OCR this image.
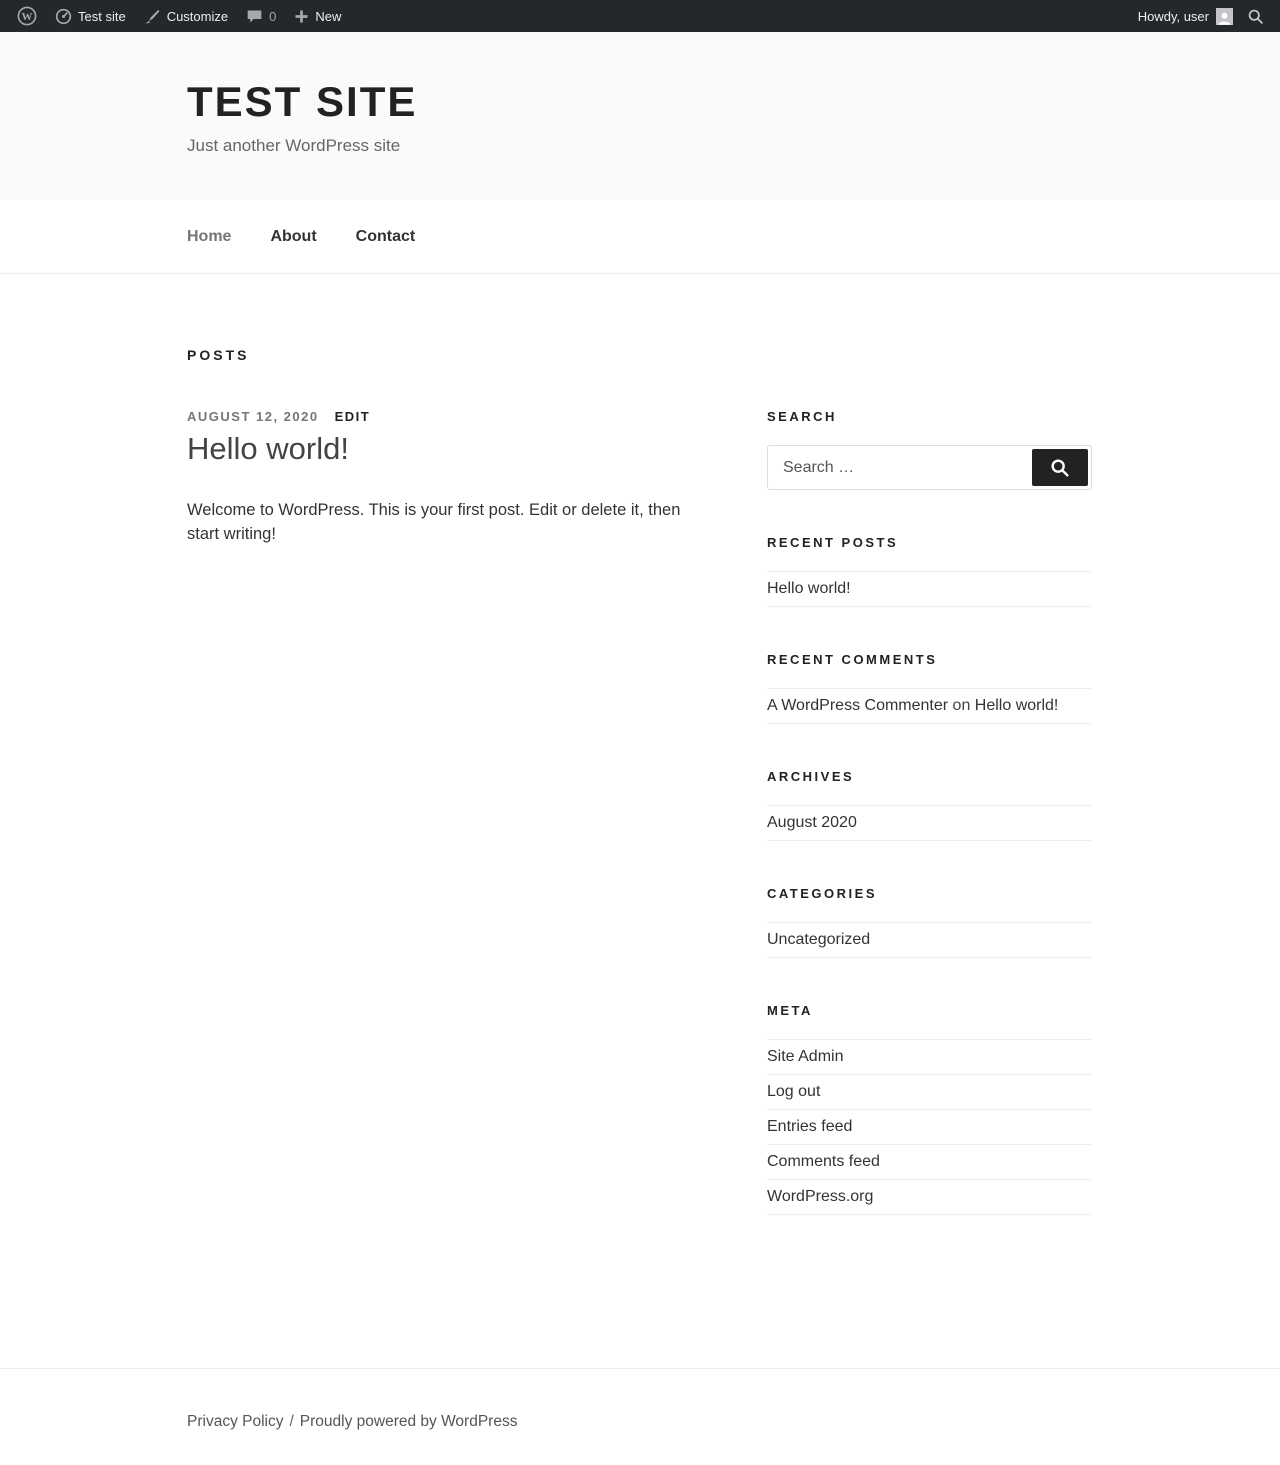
W	Test site	Customize	0	New	Howdy, user
TEST SITE
Just another WordPress site
Home About Contact
POSTS
AUGUST 12, 2020 EDIT
Hello world!

Welcome to WordPress. This is your first post. Edit or delete it, then start writing!

SEARCH
Search …
RECENT POSTS
Hello world!
RECENT COMMENTS
A WordPress Commenter on Hello world!
ARCHIVES
August 2020
CATEGORIES
Uncategorized
META
Site Admin
Log out
Entries feed
Comments feed
WordPress.org
Privacy Policy / Proudly powered by WordPress
